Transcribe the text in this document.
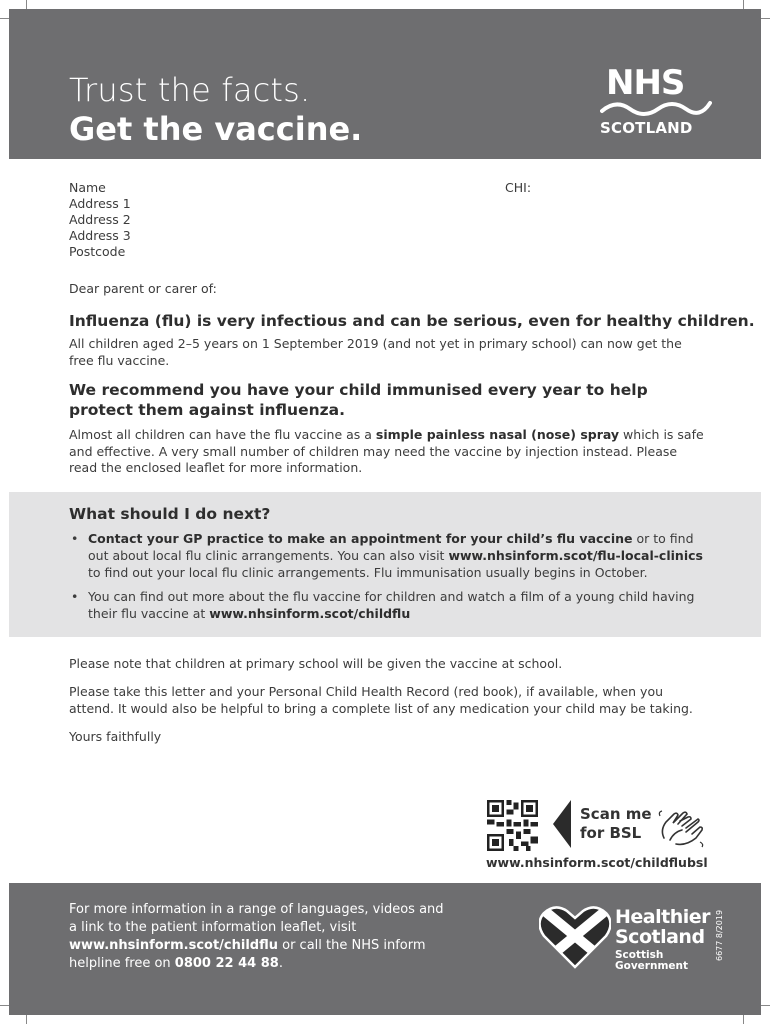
Trust the facts.
Get the vaccine.
NHS
SCOTLAND
Name
Address 1
Address 2
Address 3
Postcode
CHI:
Dear parent or carer of:
Influenza (flu) is very infectious and can be serious, even for healthy children.
All children aged 2–5 years on 1 September 2019 (and not yet in primary school) can now get the free flu vaccine.
We recommend you have your child immunised every year to help protect them against influenza.
Almost all children can have the flu vaccine as a simple painless nasal (nose) spray which is safe and effective. A very small number of children may need the vaccine by injection instead. Please read the enclosed leaflet for more information.
What should I do next?
• Contact your GP practice to make an appointment for your child’s flu vaccine or to find out about local flu clinic arrangements. You can also visit www.nhsinform.scot/flu-local-clinics to find out your local flu clinic arrangements. Flu immunisation usually begins in October.
• You can find out more about the flu vaccine for children and watch a film of a young child having their flu vaccine at www.nhsinform.scot/childflu
Please note that children at primary school will be given the vaccine at school.
Please take this letter and your Personal Child Health Record (red book), if available, when you attend. It would also be helpful to bring a complete list of any medication your child may be taking.
Yours faithfully
Scan me
for BSL
www.nhsinform.scot/childflubsl
For more information in a range of languages, videos and a link to the patient information leaflet, visit www.nhsinform.scot/childflu or call the NHS inform helpline free on 0800 22 44 88.
Healthier
Scotland
Scottish
Government
6677 8/2019
